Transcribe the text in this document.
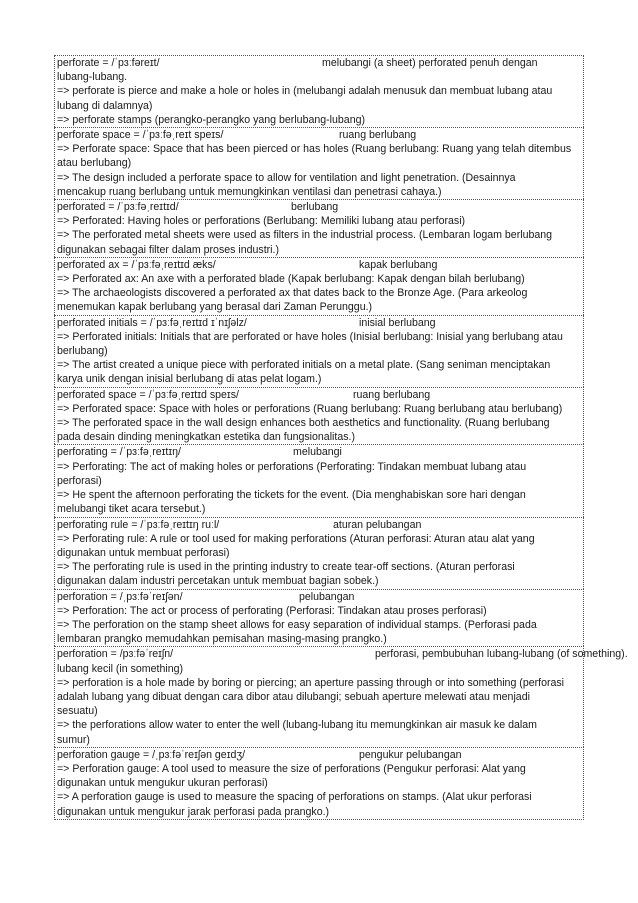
perforate = /ˈpɜːfəreɪt/	melubangi (a sheet) perforated penuh dengan
lubang-lubang.
=> perforate is pierce and make a hole or holes in (melubangi adalah menusuk dan membuat lubang atau
lubang di dalamnya)
=> perforate stamps (perangko-perangko yang berlubang-lubang)
perforate space = /ˈpɜːfəˌreɪt speɪs/	ruang berlubang
=> Perforate space: Space that has been pierced or has holes (Ruang berlubang: Ruang yang telah ditembus
atau berlubang)
=> The design included a perforate space to allow for ventilation and light penetration. (Desainnya
mencakup ruang berlubang untuk memungkinkan ventilasi dan penetrasi cahaya.)
perforated = /ˈpɜːfəˌreɪtɪd/	berlubang
=> Perforated: Having holes or perforations (Berlubang: Memiliki lubang atau perforasi)
=> The perforated metal sheets were used as filters in the industrial process. (Lembaran logam berlubang
digunakan sebagai filter dalam proses industri.)
perforated ax = /ˈpɜːfəˌreɪtɪd æks/	kapak berlubang
=> Perforated ax: An axe with a perforated blade (Kapak berlubang: Kapak dengan bilah berlubang)
=> The archaeologists discovered a perforated ax that dates back to the Bronze Age. (Para arkeolog
menemukan kapak berlubang yang berasal dari Zaman Perunggu.)
perforated initials = /ˈpɜːfəˌreɪtɪd ɪˈnɪʃəlz/	inisial berlubang
=> Perforated initials: Initials that are perforated or have holes (Inisial berlubang: Inisial yang berlubang atau
berlubang)
=> The artist created a unique piece with perforated initials on a metal plate. (Sang seniman menciptakan
karya unik dengan inisial berlubang di atas pelat logam.)
perforated space = /ˈpɜːfəˌreɪtɪd speɪs/	ruang berlubang
=> Perforated space: Space with holes or perforations (Ruang berlubang: Ruang berlubang atau berlubang)
=> The perforated space in the wall design enhances both aesthetics and functionality. (Ruang berlubang
pada desain dinding meningkatkan estetika dan fungsionalitas.)
perforating = /ˈpɜːfəˌreɪtɪŋ/	melubangi
=> Perforating: The act of making holes or perforations (Perforating: Tindakan membuat lubang atau
perforasi)
=> He spent the afternoon perforating the tickets for the event. (Dia menghabiskan sore hari dengan
melubangi tiket acara tersebut.)
perforating rule = /ˈpɜːfəˌreɪtɪŋ ruːl/	aturan pelubangan
=> Perforating rule: A rule or tool used for making perforations (Aturan perforasi: Aturan atau alat yang
digunakan untuk membuat perforasi)
=> The perforating rule is used in the printing industry to create tear-off sections. (Aturan perforasi
digunakan dalam industri percetakan untuk membuat bagian sobek.)
perforation = /ˌpɜːfəˈreɪʃən/	pelubangan
=> Perforation: The act or process of perforating (Perforasi: Tindakan atau proses perforasi)
=> The perforation on the stamp sheet allows for easy separation of individual stamps. (Perforasi pada
lembaran prangko memudahkan pemisahan masing-masing prangko.)
perforation = /pɜːfəˈreɪʃn/	perforasi, pembubuhan lubang-lubang (of something).
lubang kecil (in something)
=> perforation is a hole made by boring or piercing; an aperture passing through or into something (perforasi
adalah lubang yang dibuat dengan cara dibor atau dilubangi; sebuah aperture melewati atau menjadi
sesuatu)
=> the perforations allow water to enter the well (lubang-lubang itu memungkinkan air masuk ke dalam
sumur)
perforation gauge = /ˌpɜːfəˈreɪʃən ɡeɪdʒ/	pengukur pelubangan
=> Perforation gauge: A tool used to measure the size of perforations (Pengukur perforasi: Alat yang
digunakan untuk mengukur ukuran perforasi)
=> A perforation gauge is used to measure the spacing of perforations on stamps. (Alat ukur perforasi
digunakan untuk mengukur jarak perforasi pada prangko.)
